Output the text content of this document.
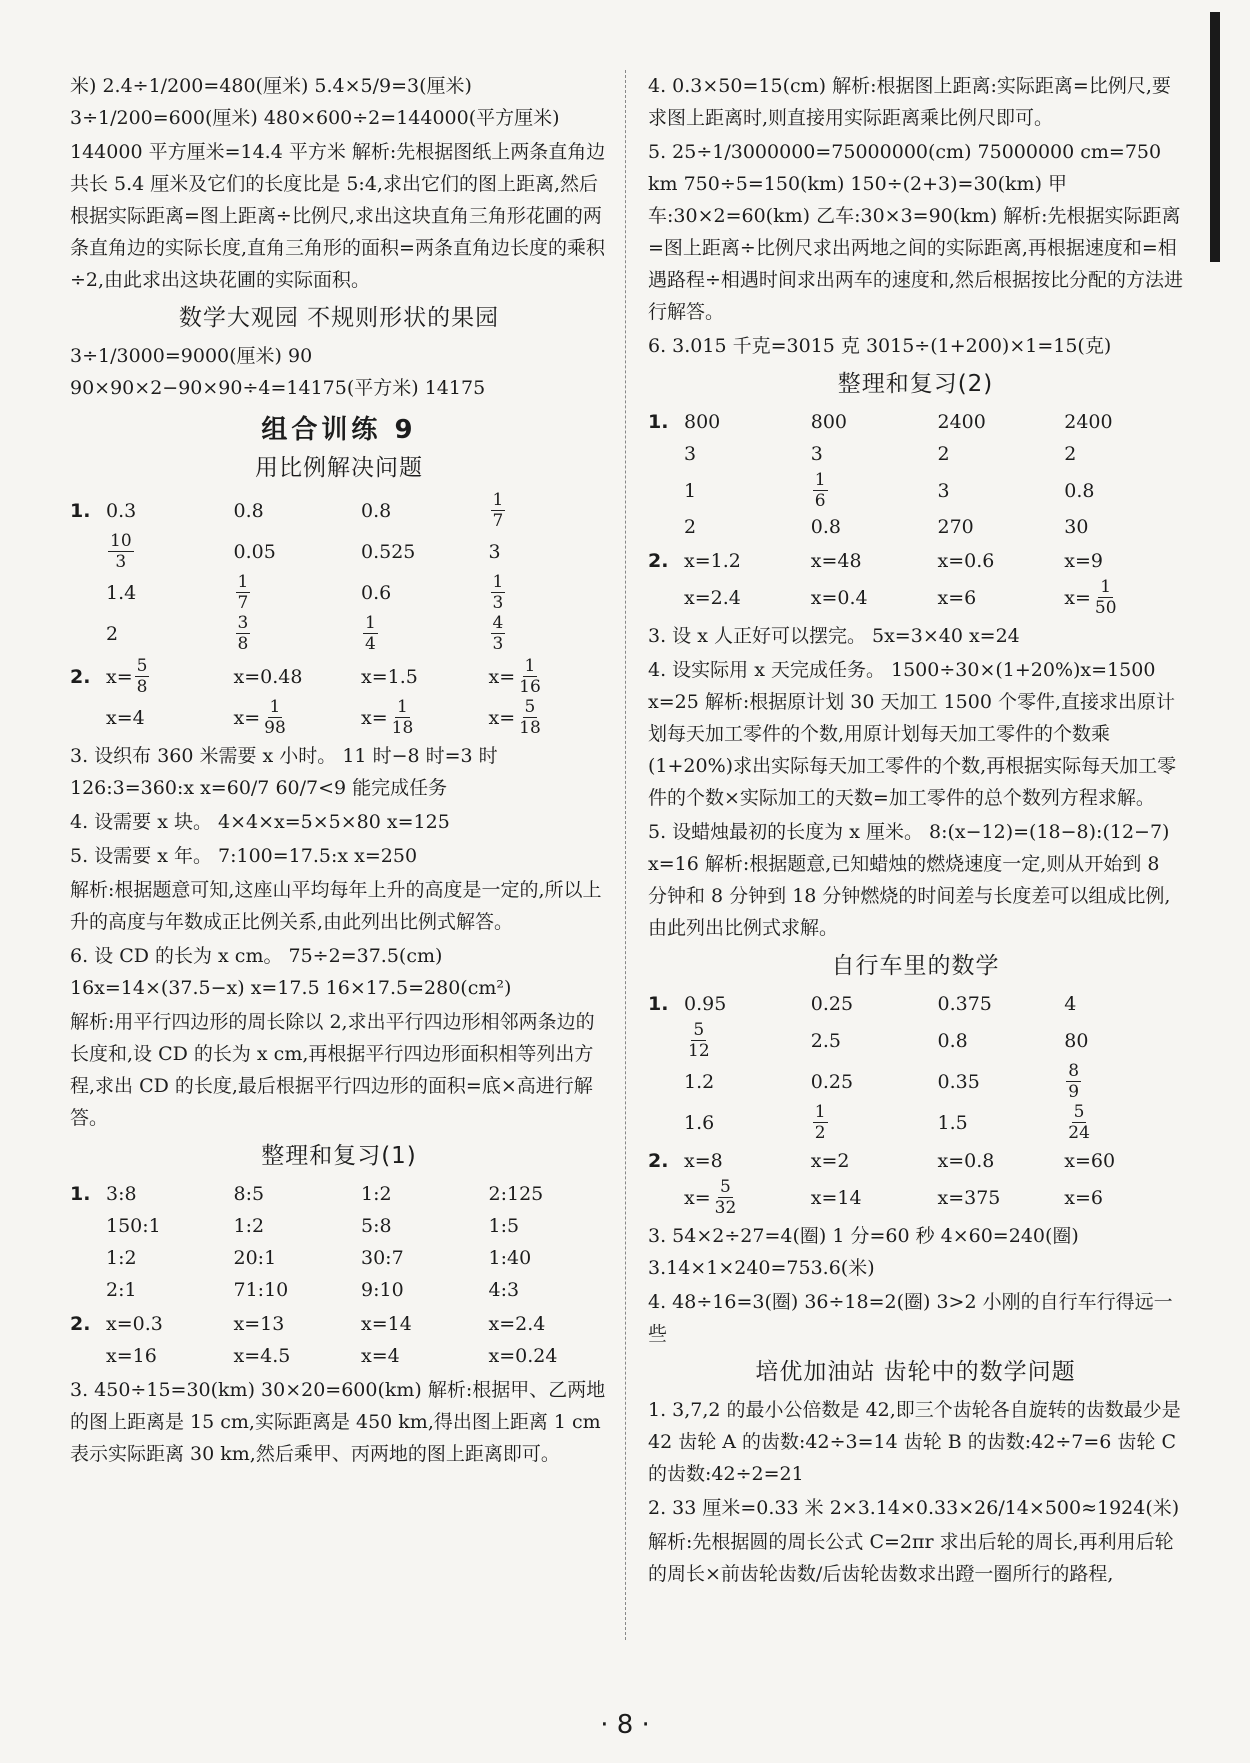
米) 2.4÷1/200=480(厘米) 5.4×5/9=3(厘米) 3÷1/200=600(厘米) 480×600÷2=144000(平方厘米)

144000 平方厘米=14.4 平方米 解析:先根据图纸上两条直角边共长 5.4 厘米及它们的长度比是 5:4,求出它们的图上距离,然后根据实际距离=图上距离÷比例尺,求出这块直角三角形花圃的两条直角边的实际长度,直角三角形的面积=两条直角边长度的乘积÷2,由此求出这块花圃的实际面积。

数学大观园 不规则形状的果园

3÷1/3000=9000(厘米) 90 90×90×2−90×90÷4=14175(平方米) 14175

组合训练 9
用比例解决问题
1. 0.3	0.8	0.8	$\frac{1}{7}$
$\frac{10}{3}$	0.05	0.525	3
1.4	$\frac{1}{7}$	0.6	$\frac{1}{3}$
2	$\frac{3}{8}$	$\frac{1}{4}$	$\frac{4}{3}$
2. $x= \frac{5}{8}$	x=0.48	x=1.5	$x= \frac{1}{16}$
x=4	$x= \frac{1}{98}$	$x= \frac{1}{18}$	$x= \frac{5}{18}$

3. 设织布 360 米需要 x 小时。 11 时−8 时=3 时 126:3=360:x x=60/7 60/7<9 能完成任务

4. 设需要 x 块。 4×4×x=5×5×80 x=125

5. 设需要 x 年。 7:100=17.5:x x=250

解析:根据题意可知,这座山平均每年上升的高度是一定的,所以上升的高度与年数成正比例关系,由此列出比例式解答。

6. 设 CD 的长为 x cm。 75÷2=37.5(cm) 16x=14×(37.5−x) x=17.5 16×17.5=280(cm²)

解析:用平行四边形的周长除以 2,求出平行四边形相邻两条边的长度和,设 CD 的长为 x cm,再根据平行四边形面积相等列出方程,求出 CD 的长度,最后根据平行四边形的面积=底×高进行解答。

整理和复习(1)
1. 3:8	8:5	1:2	2:125
150:1	1:2	5:8	1:5
1:2	20:1	30:7	1:40
2:1	71:10	9:10	4:3
2. x=0.3	x=13	x=14	x=2.4
x=16	x=4.5	x=4	x=0.24

3. 450÷15=30(km) 30×20=600(km) 解析:根据甲、乙两地的图上距离是 15 cm,实际距离是 450 km,得出图上距离 1 cm 表示实际距离 30 km,然后乘甲、丙两地的图上距离即可。

4. 0.3×50=15(cm) 解析:根据图上距离:实际距离=比例尺,要求图上距离时,则直接用实际距离乘比例尺即可。

5. 25÷1/3000000=75000000(cm) 75000000 cm=750 km 750÷5=150(km) 150÷(2+3)=30(km) 甲车:30×2=60(km) 乙车:30×3=90(km) 解析:先根据实际距离=图上距离÷比例尺求出两地之间的实际距离,再根据速度和=相遇路程÷相遇时间求出两车的速度和,然后根据按比分配的方法进行解答。

6. 3.015 千克=3015 克 3015÷(1+200)×1=15(克)

整理和复习(2)
1. 800	800	2400	2400
3	3	2	2
1	$\frac{1}{6}$	3	0.8
2	0.8	270	30
2. x=1.2	x=48	x=0.6	x=9
x=2.4	x=0.4	x=6	$x= \frac{1}{50}$

3. 设 x 人正好可以摆完。 5x=3×40 x=24

4. 设实际用 x 天完成任务。 1500÷30×(1+20%)x=1500 x=25 解析:根据原计划 30 天加工 1500 个零件,直接求出原计划每天加工零件的个数,用原计划每天加工零件的个数乘(1+20%)求出实际每天加工零件的个数,再根据实际每天加工零件的个数×实际加工的天数=加工零件的总个数列方程求解。

5. 设蜡烛最初的长度为 x 厘米。 8:(x−12)=(18−8):(12−7) x=16 解析:根据题意,已知蜡烛的燃烧速度一定,则从开始到 8 分钟和 8 分钟到 18 分钟燃烧的时间差与长度差可以组成比例,由此列出比例式求解。

自行车里的数学
1. 0.95	0.25	0.375	4
$\frac{5}{12}$	2.5	0.8	80
1.2	0.25	0.35	$\frac{8}{9}$
1.6	$\frac{1}{2}$	1.5	$\frac{5}{24}$
2. x=8	x=2	x=0.8	x=60
$x= \frac{5}{32}$	x=14	x=375	x=6

3. 54×2÷27=4(圈) 1 分=60 秒 4×60=240(圈) 3.14×1×240=753.6(米)

4. 48÷16=3(圈) 36÷18=2(圈) 3>2 小刚的自行车行得远一些

培优加油站 齿轮中的数学问题

1. 3,7,2 的最小公倍数是 42,即三个齿轮各自旋转的齿数最少是 42 齿轮 A 的齿数:42÷3=14 齿轮 B 的齿数:42÷7=6 齿轮 C 的齿数:42÷2=21

2. 33 厘米=0.33 米 2×3.14×0.33×26/14×500≈1924(米)

解析:先根据圆的周长公式 C=2πr 求出后轮的周长,再利用后轮的周长×前齿轮齿数/后齿轮齿数求出蹬一圈所行的路程,

· 8 ·
